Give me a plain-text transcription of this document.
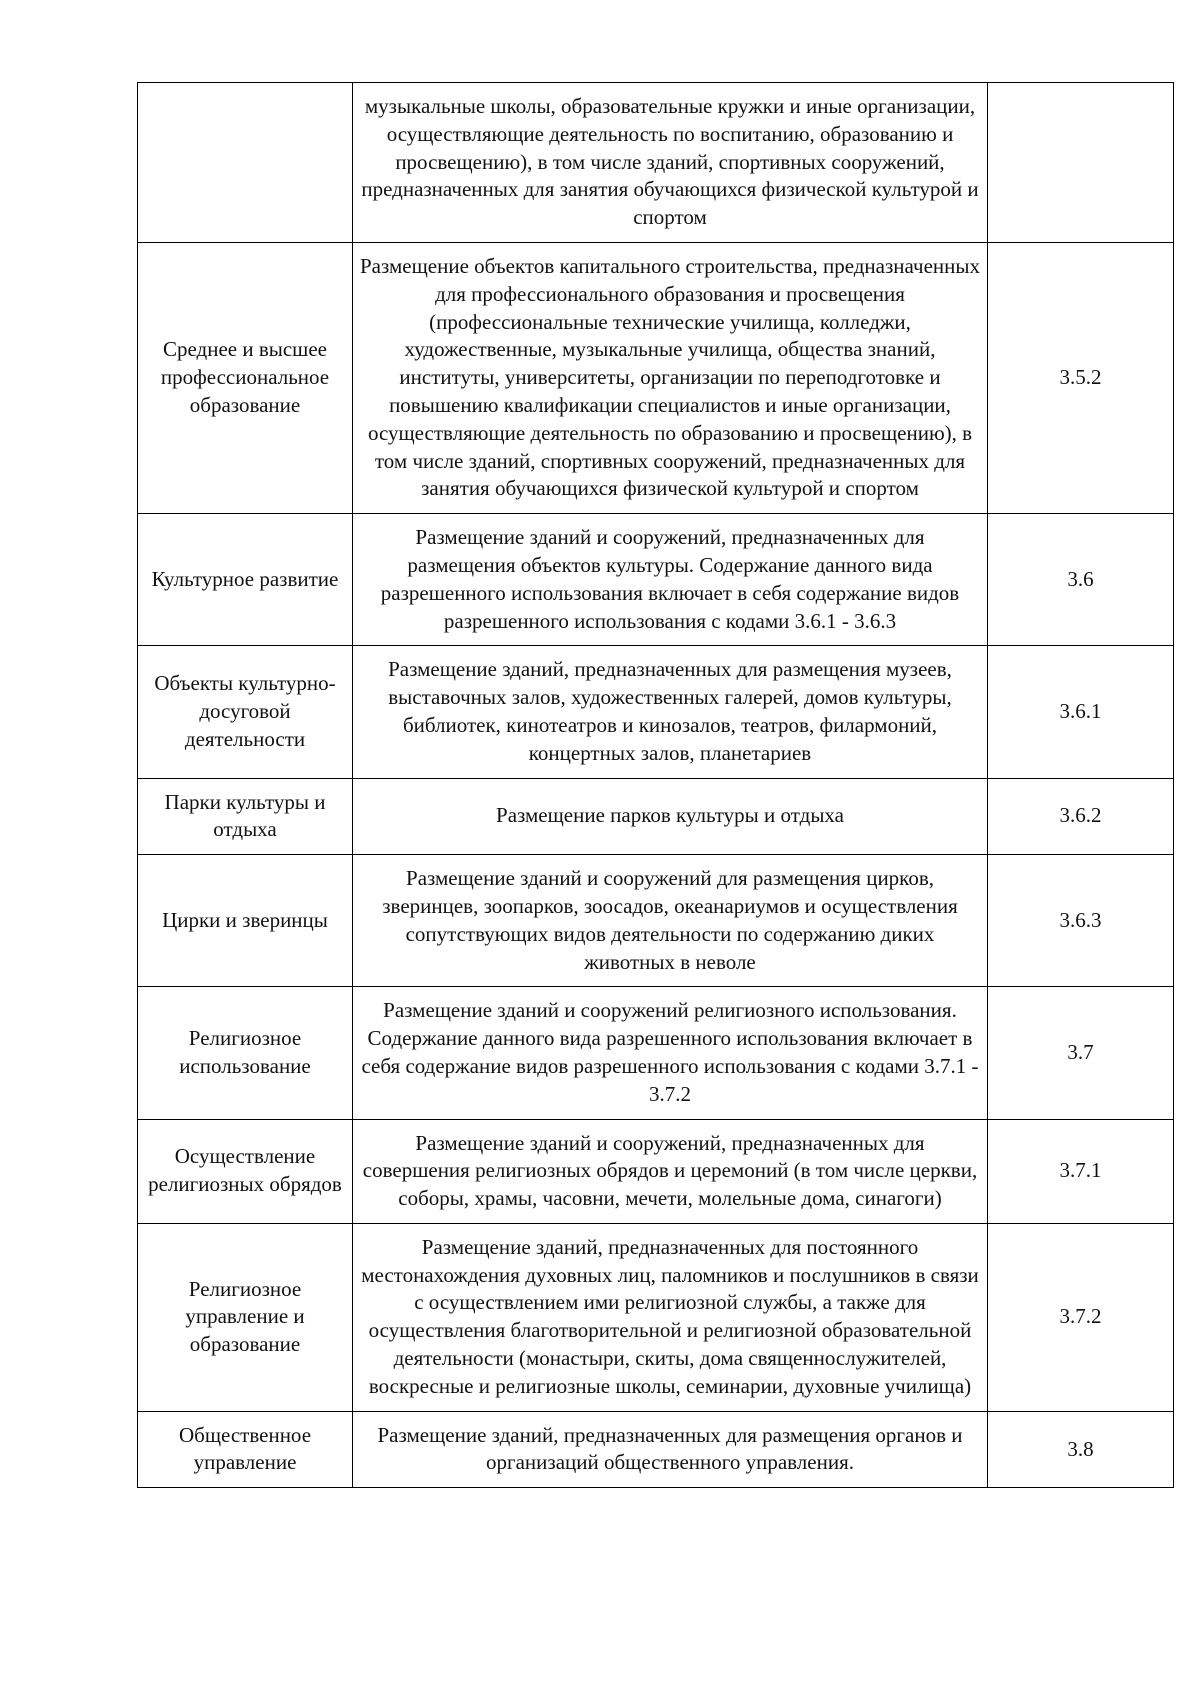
	музыкальные школы, образовательные кружки и иные организации, осуществляющие деятельность по воспитанию, образованию и просвещению), в том числе зданий, спортивных сооружений, предназначенных для занятия обучающихся физической культурой и спортом	
Среднее и высшее профессиональное образование	Размещение объектов капитального строительства, предназначенных для профессионального образования и просвещения (профессиональные технические училища, колледжи, художественные, музыкальные училища, общества знаний, институты, университеты, организации по переподготовке и повышению квалификации специалистов и иные организации, осуществляющие деятельность по образованию и просвещению), в том числе зданий, спортивных сооружений, предназначенных для занятия обучающихся физической культурой и спортом	3.5.2
Культурное развитие	Размещение зданий и сооружений, предназначенных для размещения объектов культуры. Содержание данного вида разрешенного использования включает в себя содержание видов разрешенного использования с кодами 3.6.1 - 3.6.3	3.6
Объекты культурно-досуговой деятельности	Размещение зданий, предназначенных для размещения музеев, выставочных залов, художественных галерей, домов культуры, библиотек, кинотеатров и кинозалов, театров, филармоний, концертных залов, планетариев	3.6.1
Парки культуры и отдыха	Размещение парков культуры и отдыха	3.6.2
Цирки и зверинцы	Размещение зданий и сооружений для размещения цирков, зверинцев, зоопарков, зоосадов, океанариумов и осуществления сопутствующих видов деятельности по содержанию диких животных в неволе	3.6.3
Религиозное использование	Размещение зданий и сооружений религиозного использования. Содержание данного вида разрешенного использования включает в себя содержание видов разрешенного использования с кодами 3.7.1 - 3.7.2	3.7
Осуществление религиозных обрядов	Размещение зданий и сооружений, предназначенных для совершения религиозных обрядов и церемоний (в том числе церкви, соборы, храмы, часовни, мечети, молельные дома, синагоги)	3.7.1
Религиозное управление и образование	Размещение зданий, предназначенных для постоянного местонахождения духовных лиц, паломников и послушников в связи с осуществлением ими религиозной службы, а также для осуществления благотворительной и религиозной образовательной деятельности (монастыри, скиты, дома священнослужителей, воскресные и религиозные школы, семинарии, духовные училища)	3.7.2
Общественное управление	Размещение зданий, предназначенных для размещения органов и организаций общественного управления.	3.8
